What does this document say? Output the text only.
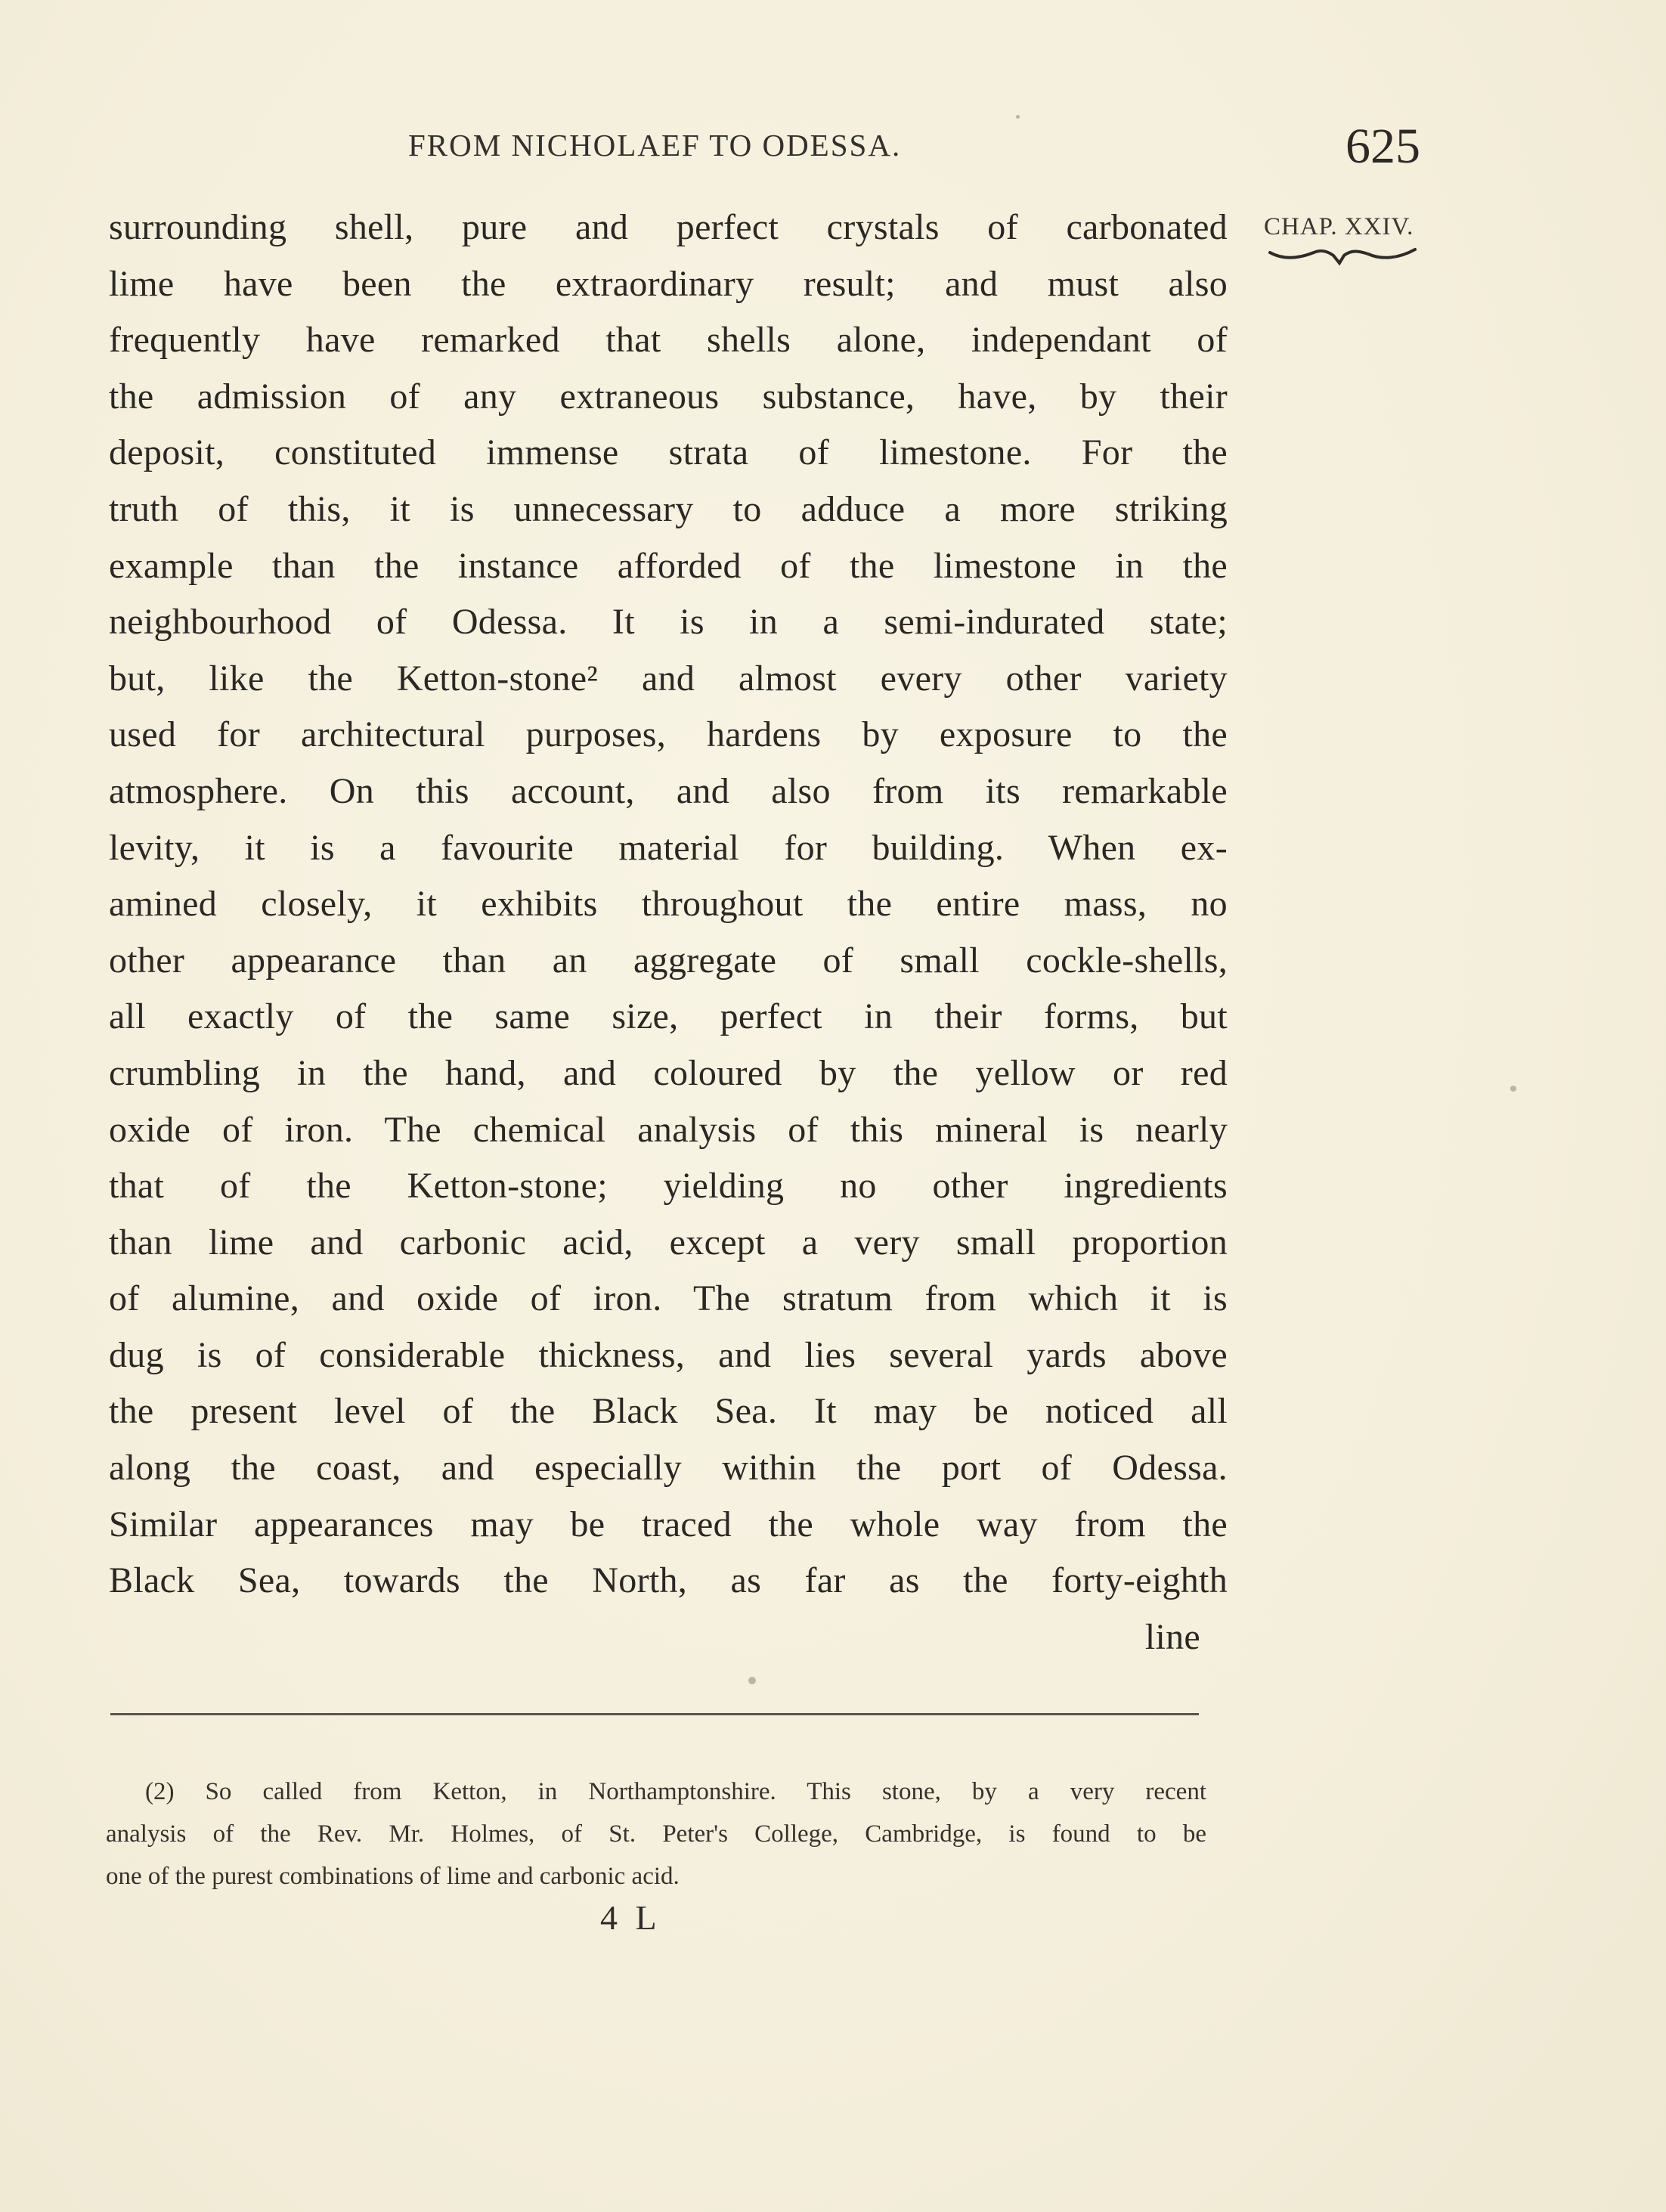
FROM NICHOLAEF TO ODESSA.	625
CHAP. XXIV.
surrounding shell, pure and perfect crystals of carbonated
lime have been the extraordinary result; and must also
frequently have remarked that shells alone, independant of
the admission of any extraneous substance, have, by their
deposit, constituted immense strata of limestone. For the
truth of this, it is unnecessary to adduce a more striking
example than the instance afforded of the limestone in the
neighbourhood of Odessa. It is in a semi-indurated state;
but, like the Ketton-stone² and almost every other variety
used for architectural purposes, hardens by exposure to the
atmosphere. On this account, and also from its remarkable
levity, it is a favourite material for building. When ex-
amined closely, it exhibits throughout the entire mass, no
other appearance than an aggregate of small cockle-shells,
all exactly of the same size, perfect in their forms, but
crumbling in the hand, and coloured by the yellow or red
oxide of iron. The chemical analysis of this mineral is nearly
that of the Ketton-stone; yielding no other ingredients
than lime and carbonic acid, except a very small proportion
of alumine, and oxide of iron. The stratum from which it is
dug is of considerable thickness, and lies several yards above
the present level of the Black Sea. It may be noticed all
along the coast, and especially within the port of Odessa.
Similar appearances may be traced the whole way from the
Black Sea, towards the North, as far as the forty-eighth
line
(2) So called from Ketton, in Northamptonshire. This stone, by a very recent
analysis of the Rev. Mr. Holmes, of St. Peter's College, Cambridge, is found to be
one of the purest combinations of lime and carbonic acid.
4 L
